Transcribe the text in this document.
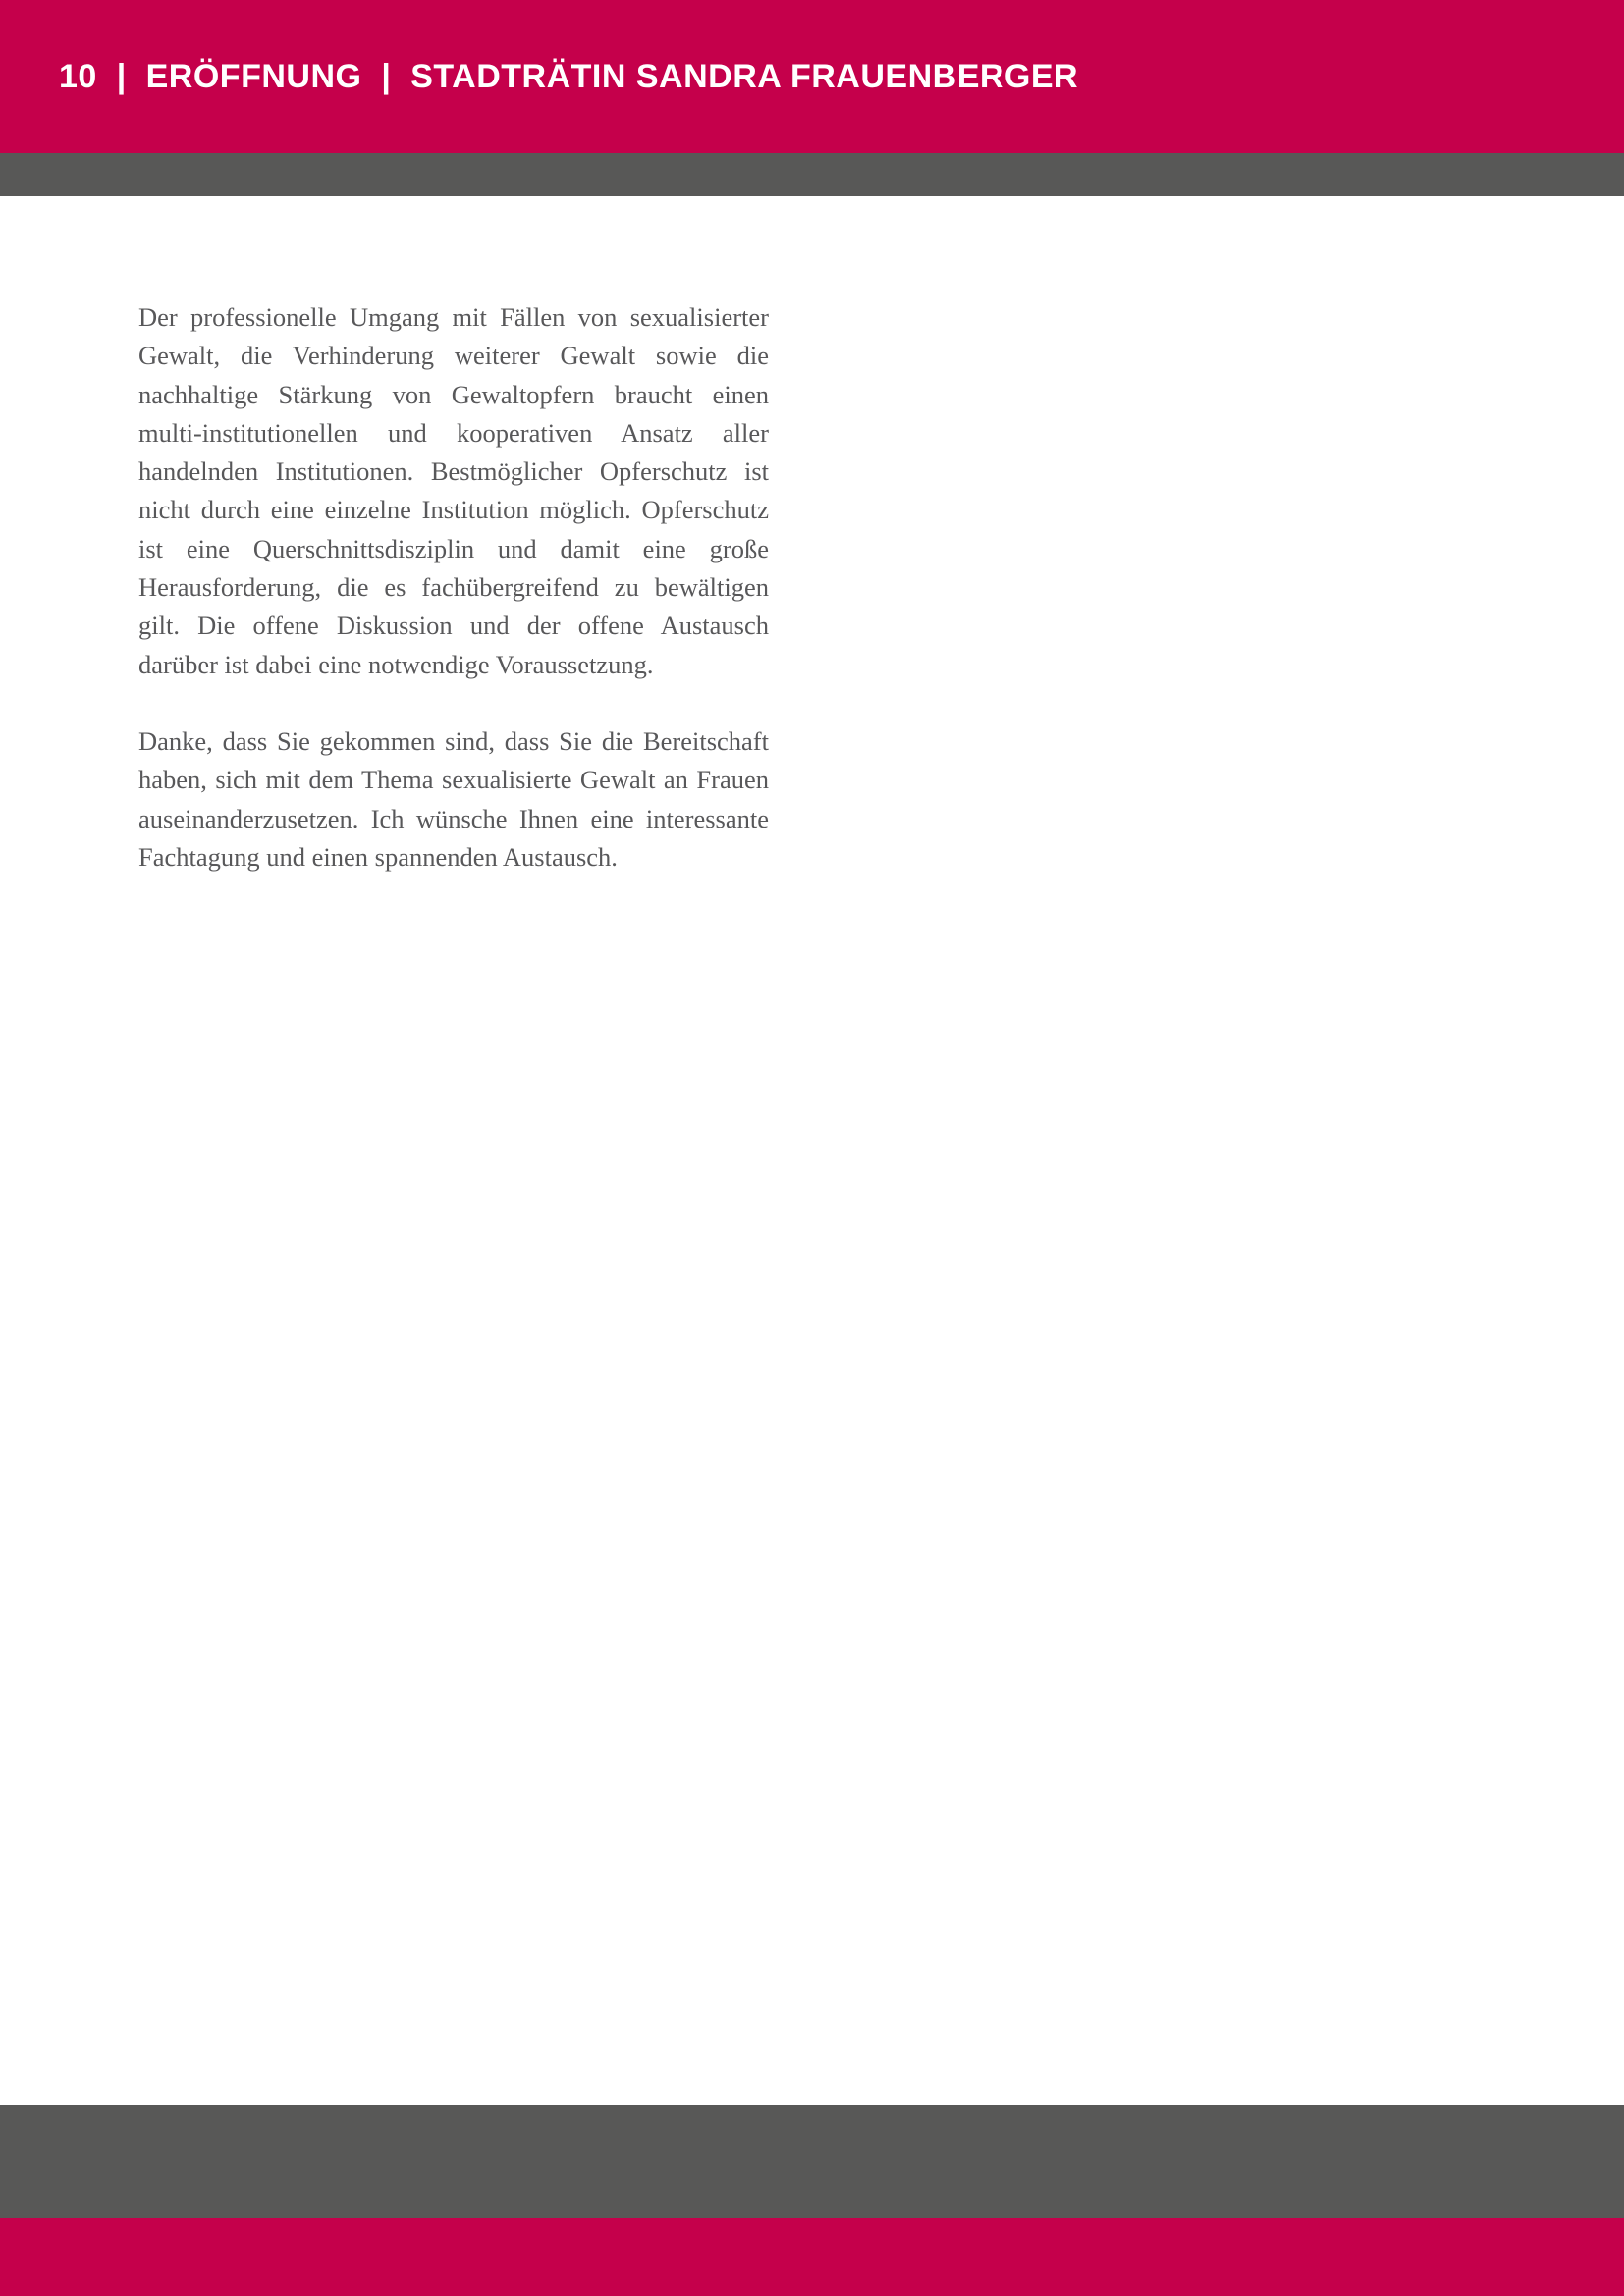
10  |  ERÖFFNUNG  |  STADTRÄTIN SANDRA FRAUENBERGER

Der professionelle Umgang mit Fällen von sexualisierter Gewalt, die Verhinderung weiterer Gewalt sowie die nachhaltige Stärkung von Gewaltopfern braucht einen multi-institutionellen und kooperativen Ansatz aller handelnden Institutionen. Bestmöglicher Opferschutz ist nicht durch eine einzelne Institution möglich. Opferschutz ist eine Querschnittsdisziplin und damit eine große Herausforderung, die es fachübergreifend zu bewältigen gilt. Die offene Diskussion und der offene Austausch darüber ist dabei eine notwendige Voraussetzung.

Danke, dass Sie gekommen sind, dass Sie die Bereitschaft haben, sich mit dem Thema sexualisierte Gewalt an Frauen auseinanderzusetzen. Ich wünsche Ihnen eine interessante Fachtagung und einen spannenden Austausch.
